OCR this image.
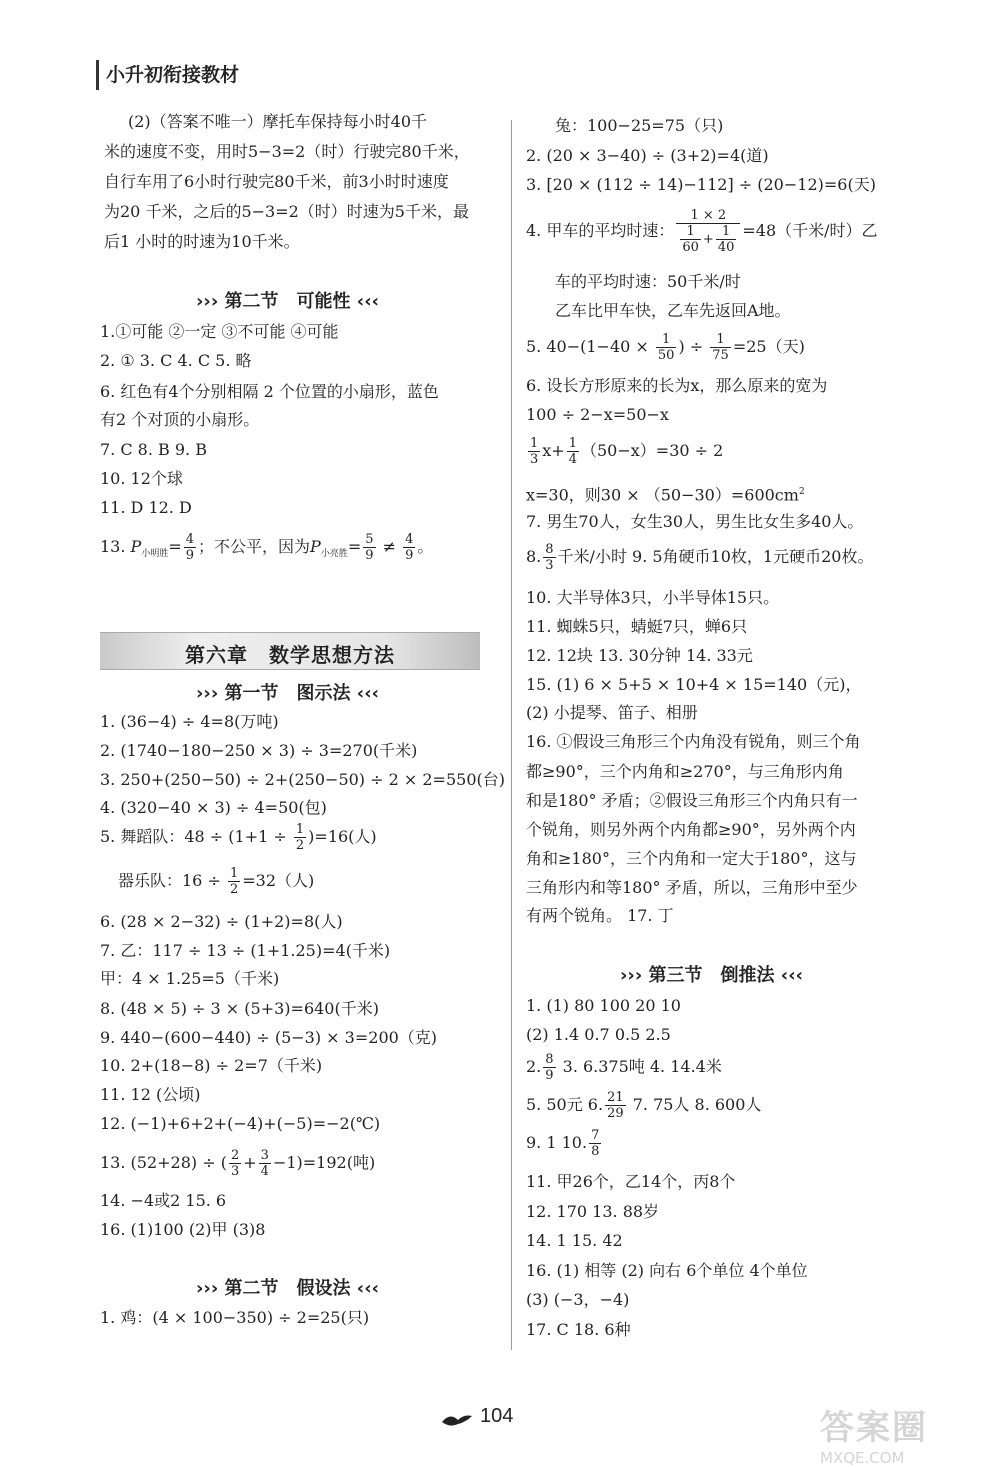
小升初衔接教材
(2)（答案不唯一）摩托车保持每小时40千
米的速度不变，用时5−3=2（时）行驶完80千米，
自行车用了6小时行驶完80千米，前3小时时速度
为20 千米，之后的5−3=2（时）时速为5千米，最
后1 小时的时速为10千米。
››› 第二节　可能性 ‹‹‹
1.①可能 ②一定 ③不可能 ④可能
2. ① 3. C 4. C 5. 略
6. 红色有4个分别相隔 2 个位置的小扇形，蓝色
有2 个对顶的小扇形。
7. C 8. B 9. B
10. 12个球
11. D 12. D
13. $P_{小明胜}= \frac{4}{9}$ ；不公平，因为$P_{小亮胜}= \frac{5}{9} \ne \frac{4}{9}$ 。
第六章　数学思想方法
››› 第一节　图示法 ‹‹‹
1. (36−4) ÷ 4=8(万吨)
2. (1740−180−250 × 3) ÷ 3=270(千米)
3. 250+(250−50) ÷ 2+(250−50) ÷ 2 × 2=550(台)
4. (320−40 × 3) ÷ 4=50(包)
5. 舞蹈队：$48 \div (1+1 \div \frac{1}{2} )=16$(人)
器乐队：$16 \div \frac{1}{2} =32$（人)
6. (28 × 2−32) ÷ (1+2)=8(人)
7. 乙：117 ÷ 13 ÷ (1+1.25)=4(千米)
甲：4 × 1.25=5（千米)
8. (48 × 5) ÷ 3 × (5+3)=640(千米)
9. 440−(600−440) ÷ (5−3) × 3=200（克)
10. 2+(18−8) ÷ 2=7（千米)
11. 12 (公顷)
12. (−1)+6+2+(−4)+(−5)=−2(℃)
13. (52+28) ÷ ( $\frac{2}{3} + \frac{3}{4} -1)=192$(吨)
14. −4或2 15. 6
16. (1)100 (2)甲 (3)8
››› 第二节　假设法 ‹‹‹
1. 鸡：(4 × 100−350) ÷ 2=25(只)
兔：100−25=75（只)
2. (20 × 3−40) ÷ (3+2)=4(道)
3. [20 × (112 ÷ 14)−112] ÷ (20−12)=6(天)
4. 甲车的平均时速： $\frac{1 \times 2}{\frac{1}{60} + \frac{1}{40}} =48$（千米/时）乙
车的平均时速：50千米/时
乙车比甲车快，乙车先返回A地。
5. $40-(1-40 \times \frac{1}{50}$ ) ÷ $\frac{1}{75} =25$（天)
6. 设长方形原来的长为x，那么原来的宽为
100 ÷ 2−x=50−x
$\frac{1}{3} x+ \frac{1}{4} (50-x)=30 \div 2$
x=30，则$30 \times (50-30)=600cm^2$
7. 男生70人，女生30人，男生比女生多40人。
8. $\frac{8}{3}$ 千米/小时 9. 5角硬币10枚，1元硬币20枚。
10. 大半导体3只，小半导体15只。
11. 蜘蛛5只，蜻蜓7只，蝉6只
12. 12块 13. 30分钟 14. 33元
15. (1) 6 × 5+5 × 10+4 × 15=140（元)，
(2) 小提琴、笛子、相册
16. ①假设三角形三个内角没有锐角，则三个角
都≥90°，三个内角和≥270°，与三角形内角
和是180° 矛盾；②假设三角形三个内角只有一
个锐角，则另外两个内角都≥90°，另外两个内
角和≥180°，三个内角和一定大于180°，这与
三角形内和等180° 矛盾，所以，三角形中至少
有两个锐角。 17. 丁
››› 第三节　倒推法 ‹‹‹
1. (1) 80 100 20 10
(2) 1.4 0.7 0.5 2.5
2. $\frac{8}{9} 3$. 6.375吨 4. 14.4米
5. 50元 6. $\frac{21}{29} 7$. 75人 8. 600人
9. 1 10. $\frac{7}{8}$
11. 甲26个，乙14个，丙8个
12. 170 13. 88岁
14. 1 15. 42
16. (1) 相等 (2) 向右 6个单位 4个单位
(3) (−3，−4)
17. C 18. 6种
104	答案圈
MXQE.COM
